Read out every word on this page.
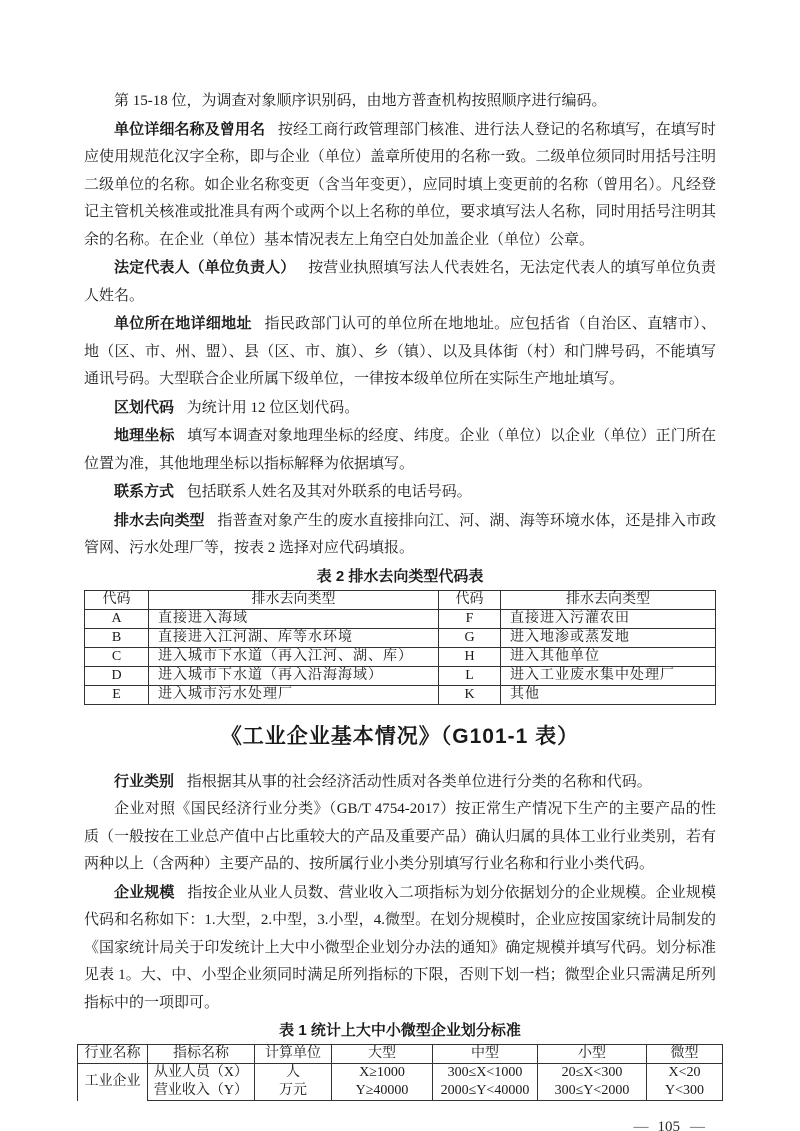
第 15-18 位，为调查对象顺序识别码，由地方普查机构按照顺序进行编码。

单位详细名称及曾用名 按经工商行政管理部门核准、进行法人登记的名称填写，在填写时应使用规范化汉字全称，即与企业（单位）盖章所使用的名称一致。二级单位须同时用括号注明二级单位的名称。如企业名称变更（含当年变更），应同时填上变更前的名称（曾用名）。凡经登记主管机关核准或批准具有两个或两个以上名称的单位，要求填写法人名称，同时用括号注明其余的名称。在企业（单位）基本情况表左上角空白处加盖企业（单位）公章。

法定代表人（单位负责人） 按营业执照填写法人代表姓名，无法定代表人的填写单位负责人姓名。

单位所在地详细地址 指民政部门认可的单位所在地地址。应包括省（自治区、直辖市）、地（区、市、州、盟）、县（区、市、旗）、乡（镇）、以及具体街（村）和门牌号码，不能填写通讯号码。大型联合企业所属下级单位，一律按本级单位所在实际生产地址填写。

区划代码 为统计用 12 位区划代码。

地理坐标 填写本调查对象地理坐标的经度、纬度。企业（单位）以企业（单位）正门所在位置为准，其他地理坐标以指标解释为依据填写。

联系方式 包括联系人姓名及其对外联系的电话号码。

排水去向类型 指普查对象产生的废水直接排向江、河、湖、海等环境水体，还是排入市政管网、污水处理厂等，按表 2 选择对应代码填报。

表 2 排水去向类型代码表

代码	排水去向类型	代码	排水去向类型
A	直接进入海域	F	直接进入污灌农田
B	直接进入江河湖、库等水环境	G	进入地渗或蒸发地
C	进入城市下水道（再入江河、湖、库）	H	进入其他单位
D	进入城市下水道（再入沿海海域）	L	进入工业废水集中处理厂
E	进入城市污水处理厂	K	其他
《工业企业基本情况》（G101-1 表）

行业类别 指根据其从事的社会经济活动性质对各类单位进行分类的名称和代码。

企业对照《国民经济行业分类》（GB/T 4754-2017）按正常生产情况下生产的主要产品的性质（一般按在工业总产值中占比重较大的产品及重要产品）确认归属的具体工业行业类别，若有两种以上（含两种）主要产品的、按所属行业小类分别填写行业名称和行业小类代码。

企业规模 指按企业从业人员数、营业收入二项指标为划分依据划分的企业规模。企业规模代码和名称如下：1.大型，2.中型，3.小型，4.微型。在划分规模时，企业应按国家统计局制发的《国家统计局关于印发统计上大中小微型企业划分办法的通知》确定规模并填写代码。划分标准见表 1。大、中、小型企业须同时满足所列指标的下限，否则下划一档；微型企业只需满足所列指标中的一项即可。

表 1 统计上大中小微型企业划分标准

行业名称	指标名称	计算单位	大型	中型	小型	微型
工业企业	从业人员（X）	人	X≥1000	300≤X<1000	20≤X<300	X<20
	营业收入（Y）	万元	Y≥40000	2000≤Y<40000	300≤Y<2000	Y<300
— 105 —
